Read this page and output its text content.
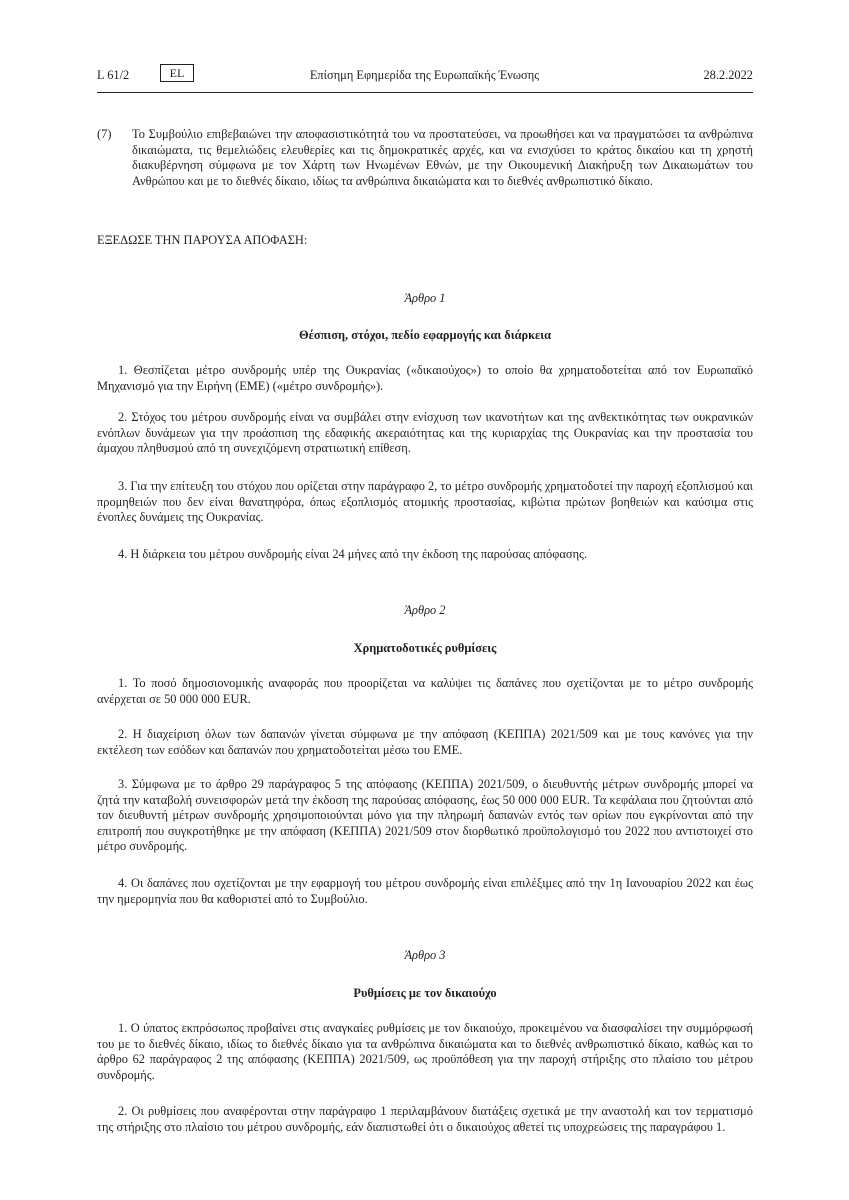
L 61/2	Επίσημη Εφημερίδα της Ευρωπαϊκής Ένωσης
EL	28.2.2022
(7) Το Συμβούλιο επιβεβαιώνει την αποφασιστικότητά του να προστατεύσει, να προωθήσει και να πραγματώσει τα ανθρώπινα δικαιώματα, τις θεμελιώδεις ελευθερίες και τις δημοκρατικές αρχές, και να ενισχύσει το κράτος δικαίου και τη χρηστή διακυβέρνηση σύμφωνα με τον Χάρτη των Ηνωμένων Εθνών, με την Οικουμενική Διακήρυξη των Δικαιωμάτων του Ανθρώπου και με το διεθνές δίκαιο, ιδίως τα ανθρώπινα δικαιώματα και το διεθνές ανθρωπιστικό δίκαιο.
ΕΞΕΔΩΣΕ ΤΗΝ ΠΑΡΟΥΣΑ ΑΠΟΦΑΣΗ:
Άρθρο 1
Θέσπιση, στόχοι, πεδίο εφαρμογής και διάρκεια
1. Θεσπίζεται μέτρο συνδρομής υπέρ της Ουκρανίας («δικαιούχος») το οποίο θα χρηματοδοτείται από τον Ευρωπαϊκό Μηχανισμό για την Ειρήνη (ΕΜΕ) («μέτρο συνδρομής»).
2. Στόχος του μέτρου συνδρομής είναι να συμβάλει στην ενίσχυση των ικανοτήτων και της ανθεκτικότητας των ουκρανικών ενόπλων δυνάμεων για την προάσπιση της εδαφικής ακεραιότητας και της κυριαρχίας της Ουκρανίας και την προστασία του άμαχου πληθυσμού από τη συνεχιζόμενη στρατιωτική επίθεση.
3. Για την επίτευξη του στόχου που ορίζεται στην παράγραφο 2, το μέτρο συνδρομής χρηματοδοτεί την παροχή εξοπλισμού και προμηθειών που δεν είναι θανατηφόρα, όπως εξοπλισμός ατομικής προστασίας, κιβώτια πρώτων βοηθειών και καύσιμα στις ένοπλες δυνάμεις της Ουκρανίας.
4. Η διάρκεια του μέτρου συνδρομής είναι 24 μήνες από την έκδοση της παρούσας απόφασης.
Άρθρο 2
Χρηματοδοτικές ρυθμίσεις
1. Το ποσό δημοσιονομικής αναφοράς που προορίζεται να καλύψει τις δαπάνες που σχετίζονται με το μέτρο συνδρομής ανέρχεται σε 50 000 000 EUR.
2. Η διαχείριση όλων των δαπανών γίνεται σύμφωνα με την απόφαση (ΚΕΠΠΑ) 2021/509 και με τους κανόνες για την εκτέλεση των εσόδων και δαπανών που χρηματοδοτείται μέσω του ΕΜΕ.
3. Σύμφωνα με το άρθρο 29 παράγραφος 5 της απόφασης (ΚΕΠΠΑ) 2021/509, ο διευθυντής μέτρων συνδρομής μπορεί να ζητά την καταβολή συνεισφορών μετά την έκδοση της παρούσας απόφασης, έως 50 000 000 EUR. Τα κεφάλαια που ζητούνται από τον διευθυντή μέτρων συνδρομής χρησιμοποιούνται μόνο για την πληρωμή δαπανών εντός των ορίων που εγκρίνονται από την επιτροπή που συγκροτήθηκε με την απόφαση (ΚΕΠΠΑ) 2021/509 στον διορθωτικό προϋπολογισμό του 2022 που αντιστοιχεί στο μέτρο συνδρομής.
4. Οι δαπάνες που σχετίζονται με την εφαρμογή του μέτρου συνδρομής είναι επιλέξιμες από την 1η Ιανουαρίου 2022 και έως την ημερομηνία που θα καθοριστεί από το Συμβούλιο.
Άρθρο 3
Ρυθμίσεις με τον δικαιούχο
1. Ο ύπατος εκπρόσωπος προβαίνει στις αναγκαίες ρυθμίσεις με τον δικαιούχο, προκειμένου να διασφαλίσει την συμμόρφωσή του με το διεθνές δίκαιο, ιδίως το διεθνές δίκαιο για τα ανθρώπινα δικαιώματα και το διεθνές ανθρωπιστικό δίκαιο, καθώς και το άρθρο 62 παράγραφος 2 της απόφασης (ΚΕΠΠΑ) 2021/509, ως προϋπόθεση για την παροχή στήριξης στο πλαίσιο του μέτρου συνδρομής.
2. Οι ρυθμίσεις που αναφέρονται στην παράγραφο 1 περιλαμβάνουν διατάξεις σχετικά με την αναστολή και τον τερματισμό της στήριξης στο πλαίσιο του μέτρου συνδρομής, εάν διαπιστωθεί ότι ο δικαιούχος αθετεί τις υποχρεώσεις της παραγράφου 1.
